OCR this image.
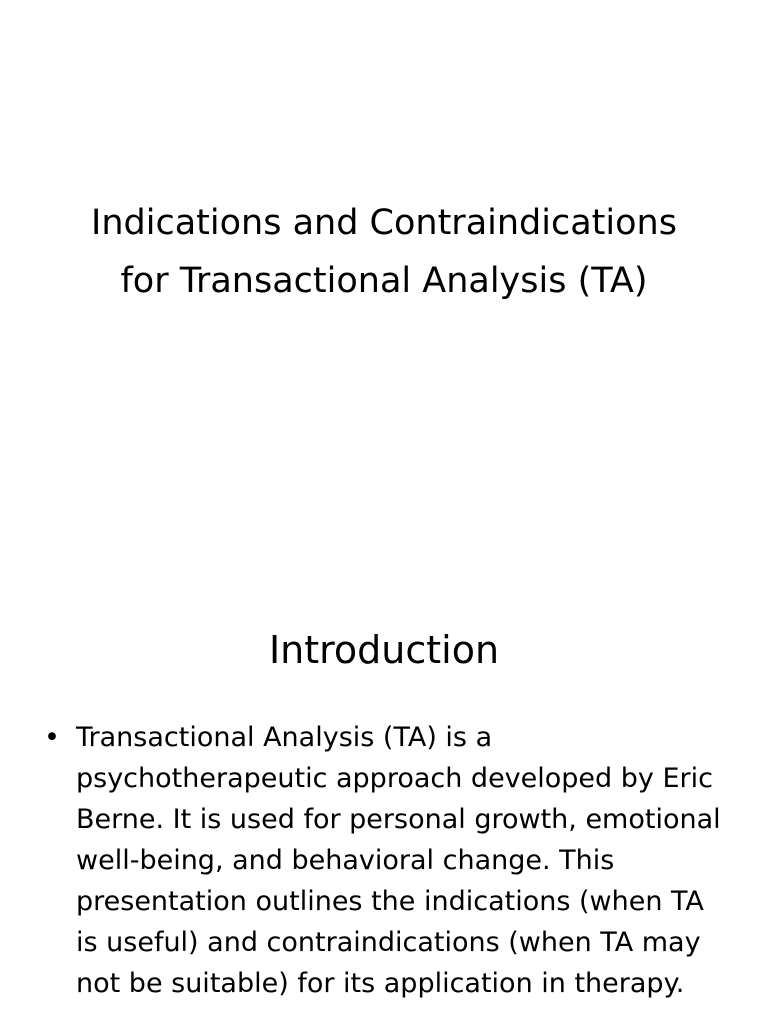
Indications and Contraindications
for Transactional Analysis (TA)
Introduction
• Transactional Analysis (TA) is a psychotherapeutic approach developed by Eric Berne. It is used for personal growth, emotional well-being, and behavioral change. This presentation outlines the indications (when TA is useful) and contraindications (when TA may not be suitable) for its application in therapy.
